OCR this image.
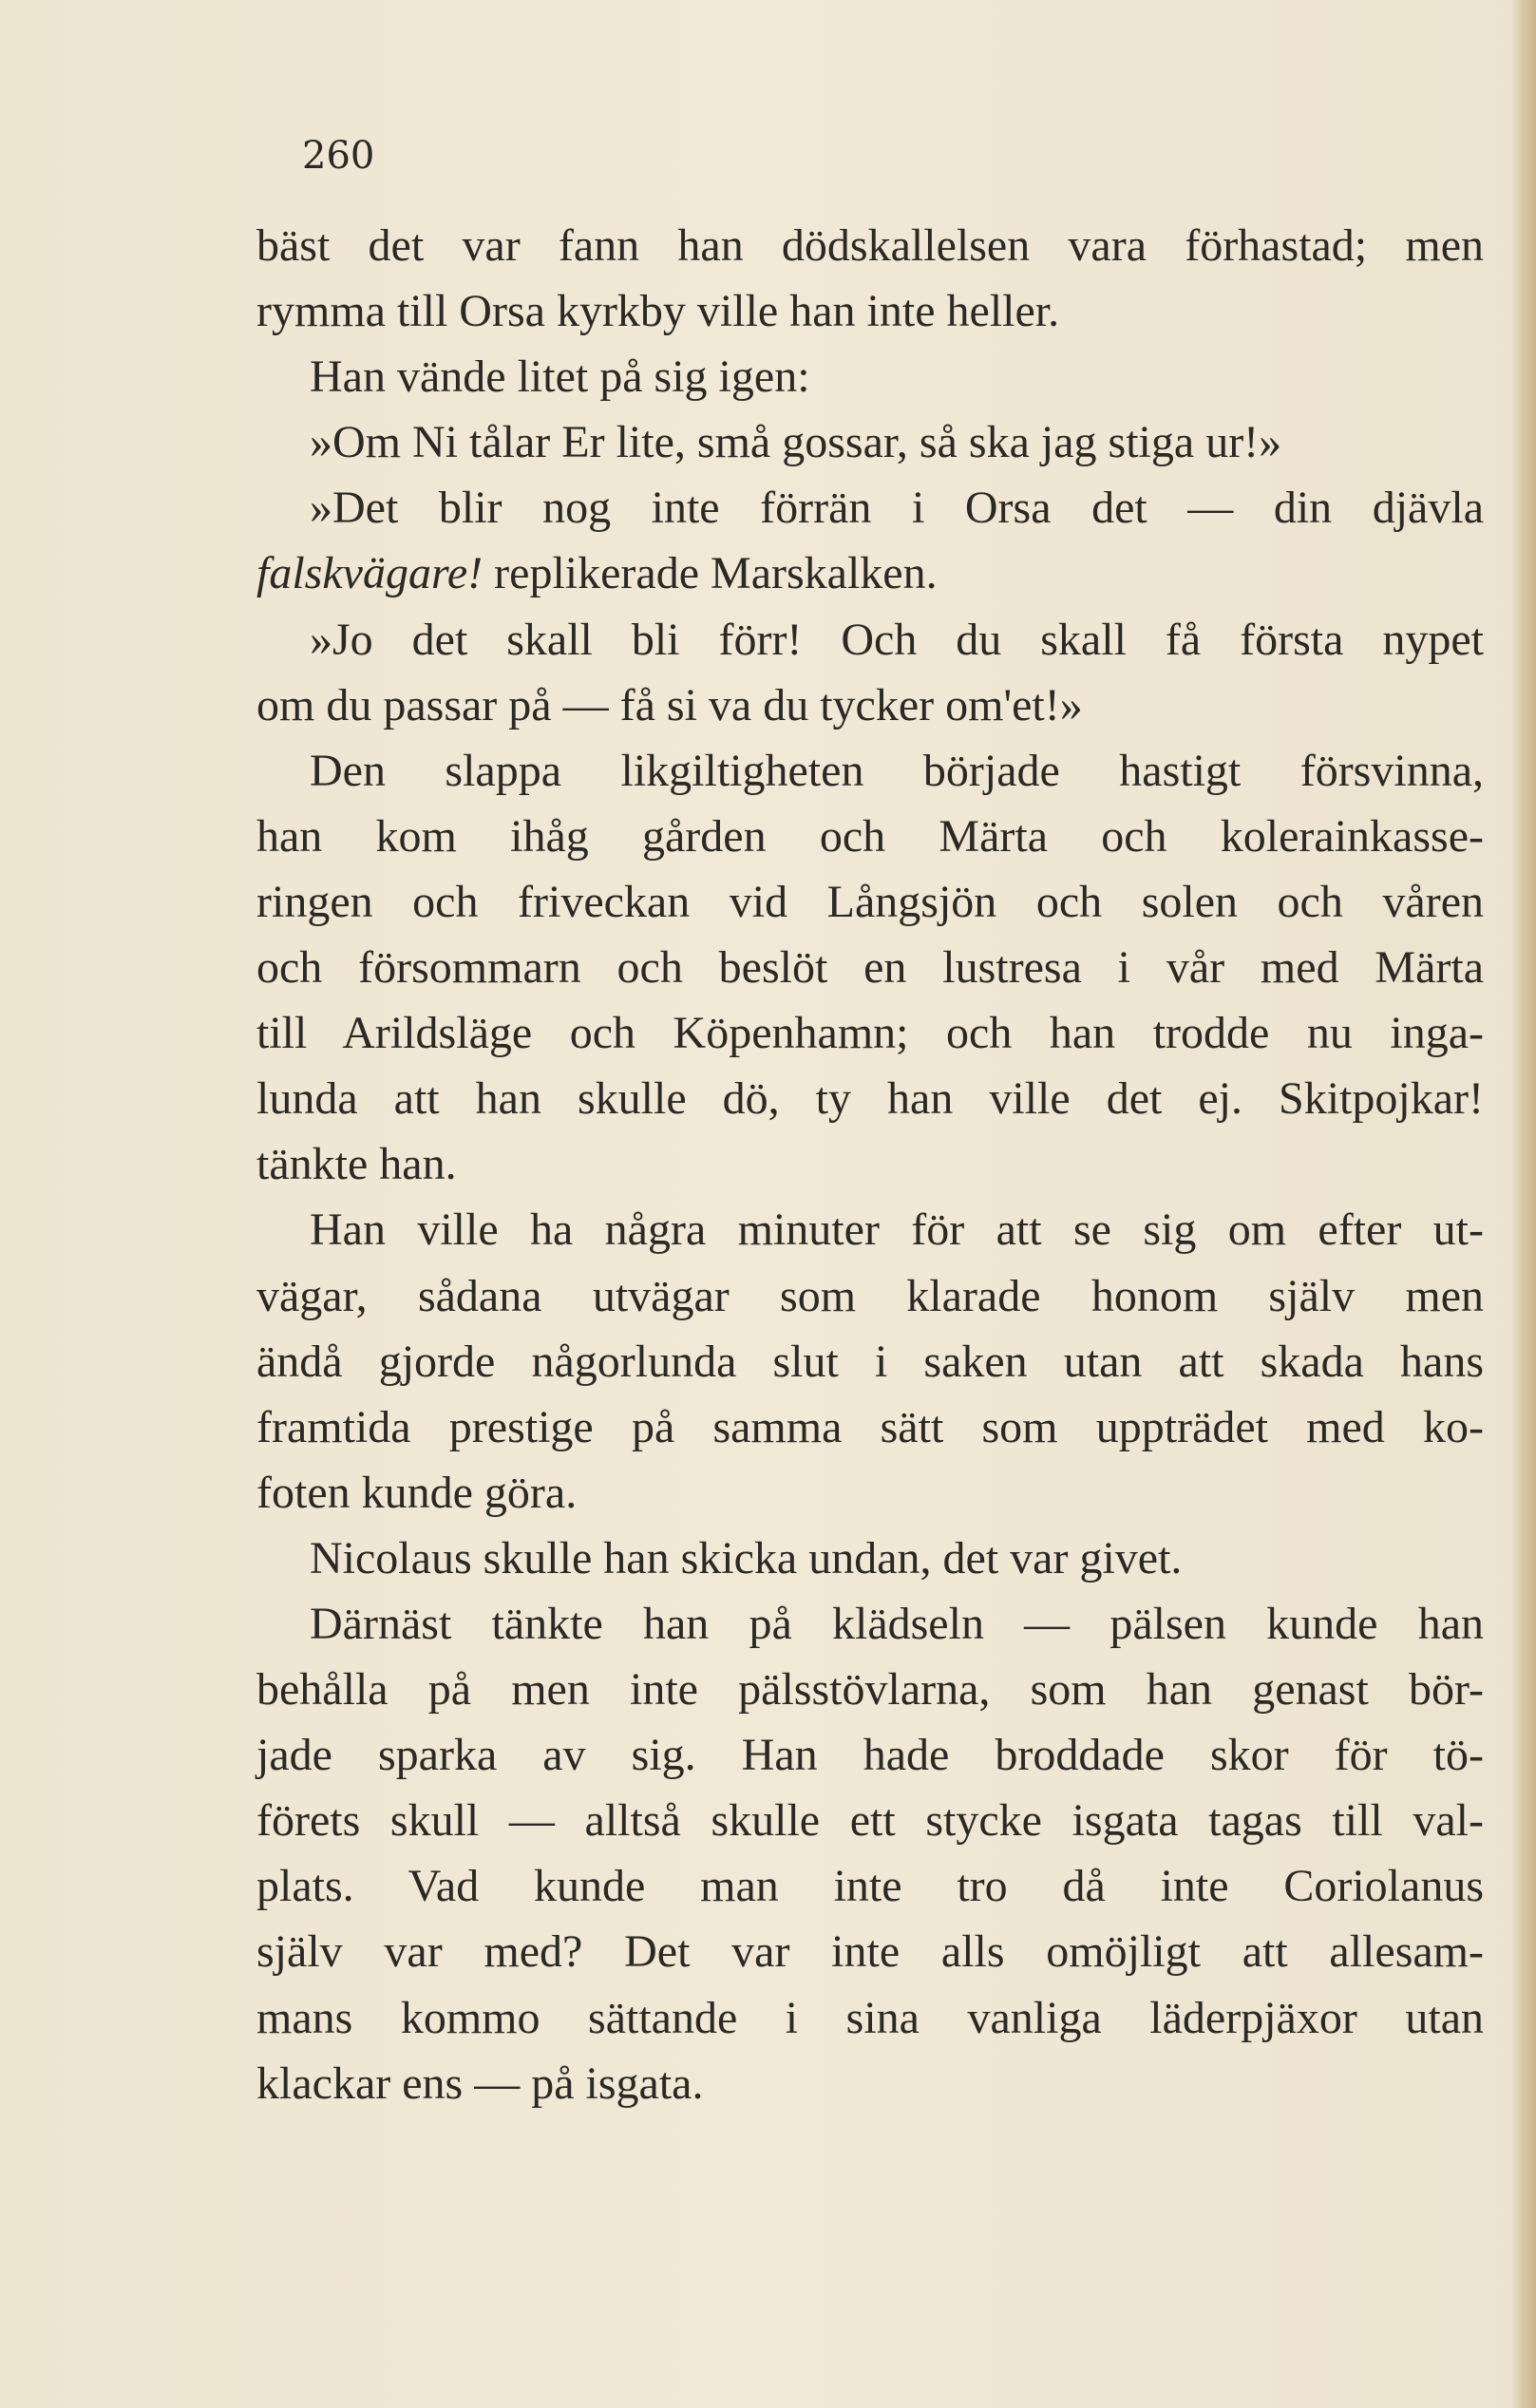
260
bäst det var fann han dödskallelsen vara förhastad; men
rymma till Orsa kyrkby ville han inte heller.
Han vände litet på sig igen:
»Om Ni tålar Er lite, små gossar, så ska jag stiga ur!»
»Det blir nog inte förrän i Orsa det — din djävla
falskvägare! replikerade Marskalken.
»Jo det skall bli förr! Och du skall få första nypet
om du passar på — få si va du tycker om'et!»
Den slappa likgiltigheten började hastigt försvinna,
han kom ihåg gården och Märta och kolerainkasse-
ringen och friveckan vid Långsjön och solen och våren
och försommarn och beslöt en lustresa i vår med Märta
till Arildsläge och Köpenhamn; och han trodde nu inga-
lunda att han skulle dö, ty han ville det ej. Skitpojkar!
tänkte han.
Han ville ha några minuter för att se sig om efter ut-
vägar, sådana utvägar som klarade honom själv men
ändå gjorde någorlunda slut i saken utan att skada hans
framtida prestige på samma sätt som uppträdet med ko-
foten kunde göra.
Nicolaus skulle han skicka undan, det var givet.
Därnäst tänkte han på klädseln — pälsen kunde han
behålla på men inte pälsstövlarna, som han genast bör-
jade sparka av sig. Han hade broddade skor för tö-
förets skull — alltså skulle ett stycke isgata tagas till val-
plats. Vad kunde man inte tro då inte Coriolanus
själv var med? Det var inte alls omöjligt att allesam-
mans kommo sättande i sina vanliga läderpjäxor utan
klackar ens — på isgata.
